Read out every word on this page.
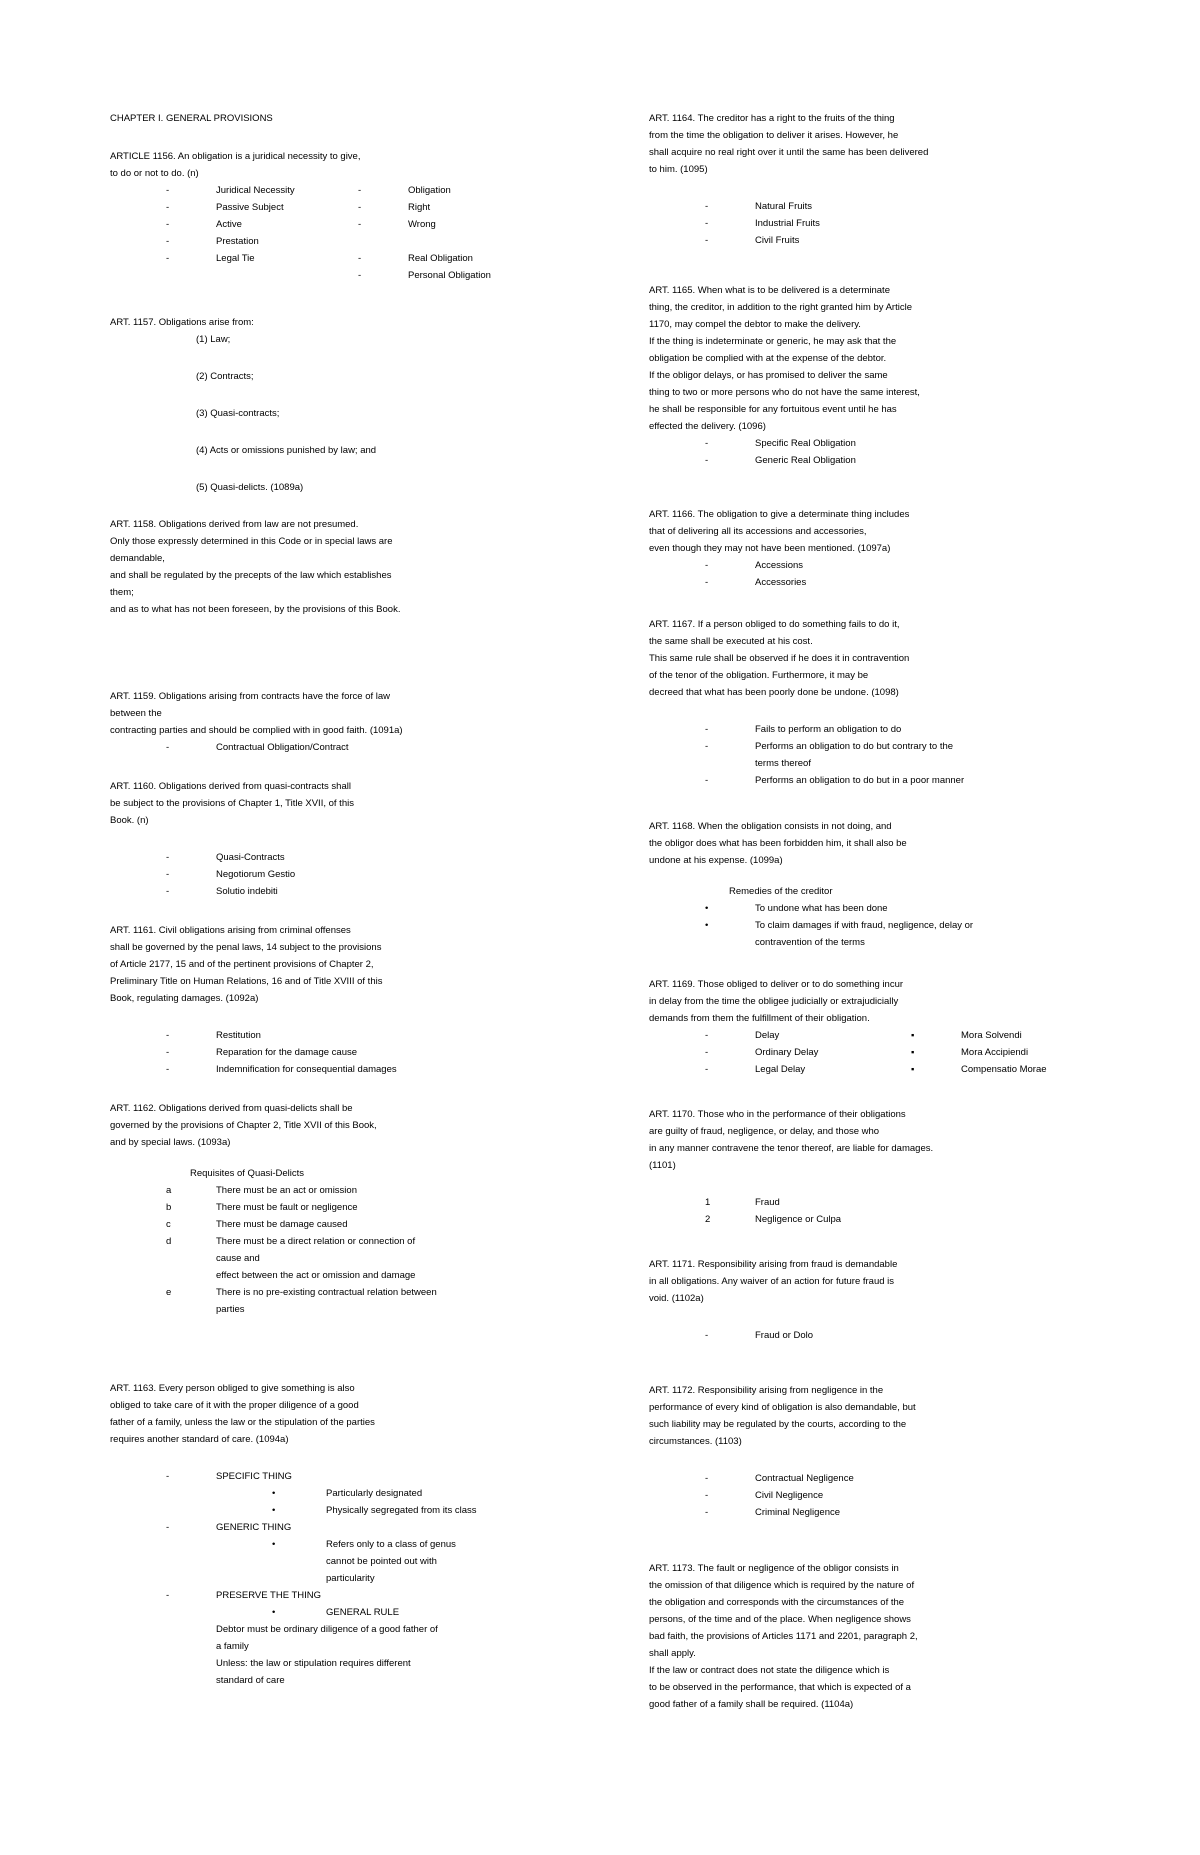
CHAPTER I. GENERAL PROVISIONS
ARTICLE 1156. An obligation is a juridical necessity to give,
to do or not to do. (n)
-	Juridical Necessity	-	Obligation
-	Passive Subject	-	Right
-	Active	-	Wrong
-	Prestation
-	Legal Tie	-	Real Obligation
-	Personal Obligation
ART. 1157. Obligations arise from:
(1) Law;
(2) Contracts;
(3) Quasi-contracts;
(4) Acts or omissions punished by law; and
(5) Quasi-delicts. (1089a)
ART. 1158. Obligations derived from law are not presumed.
Only those expressly determined in this Code or in special laws are
demandable,
and shall be regulated by the precepts of the law which establishes
them;
and as to what has not been foreseen, by the provisions of this Book.
ART. 1159. Obligations arising from contracts have the force of law
between the
contracting parties and should be complied with in good faith. (1091a)
-	Contractual Obligation/Contract
ART. 1160. Obligations derived from quasi-contracts shall
be subject to the provisions of Chapter 1, Title XVII, of this
Book. (n)
-	Quasi-Contracts
-	Negotiorum Gestio
-	Solutio indebiti
ART. 1161. Civil obligations arising from criminal offenses
shall be governed by the penal laws, 14 subject to the provisions
of Article 2177, 15 and of the pertinent provisions of Chapter 2,
Preliminary Title on Human Relations, 16 and of Title XVIII of this
Book, regulating damages. (1092a)
-	Restitution
-	Reparation for the damage cause
-	Indemnification for consequential damages
ART. 1162. Obligations derived from quasi-delicts shall be
governed by the provisions of Chapter 2, Title XVII of this Book,
and by special laws. (1093a)
Requisites of Quasi-Delicts
a	There must be an act or omission
b	There must be fault or negligence
c	There must be damage caused
d	There must be a direct relation or connection of
cause and
effect between the act or omission and damage
e	There is no pre-existing contractual relation between
parties
ART. 1163. Every person obliged to give something is also
obliged to take care of it with the proper diligence of a good
father of a family, unless the law or the stipulation of the parties
requires another standard of care. (1094a)
-	SPECIFIC THING
•	Particularly designated
•	Physically segregated from its class
-	GENERIC THING
•	Refers only to a class of genus
cannot be pointed out with
particularity
-	PRESERVE THE THING
•	GENERAL RULE
Debtor must be ordinary diligence of a good father of
a family
Unless: the law or stipulation requires different
standard of care
ART. 1164. The creditor has a right to the fruits of the thing
from the time the obligation to deliver it arises. However, he
shall acquire no real right over it until the same has been delivered
to him. (1095)
-	Natural Fruits
-	Industrial Fruits
-	Civil Fruits
ART. 1165. When what is to be delivered is a determinate
thing, the creditor, in addition to the right granted him by Article
1170, may compel the debtor to make the delivery.
If the thing is indeterminate or generic, he may ask that the
obligation be complied with at the expense of the debtor.
If the obligor delays, or has promised to deliver the same
thing to two or more persons who do not have the same interest,
he shall be responsible for any fortuitous event until he has
effected the delivery. (1096)
-	Specific Real Obligation
-	Generic Real Obligation
ART. 1166. The obligation to give a determinate thing includes
that of delivering all its accessions and accessories,
even though they may not have been mentioned. (1097a)
-	Accessions
-	Accessories
ART. 1167. If a person obliged to do something fails to do it,
the same shall be executed at his cost.
This same rule shall be observed if he does it in contravention
of the tenor of the obligation. Furthermore, it may be
decreed that what has been poorly done be undone. (1098)
-	Fails to perform an obligation to do
-	Performs an obligation to do but contrary to the
terms thereof
-	Performs an obligation to do but in a poor manner
ART. 1168. When the obligation consists in not doing, and
the obligor does what has been forbidden him, it shall also be
undone at his expense. (1099a)
Remedies of the creditor
•	To undone what has been done
•	To claim damages if with fraud, negligence, delay or
contravention of the terms
ART. 1169. Those obliged to deliver or to do something incur
in delay from the time the obligee judicially or extrajudicially
demands from them the fulfillment of their obligation.
-	Delay	▪	Mora Solvendi
-	Ordinary Delay	▪	Mora Accipiendi
-	Legal Delay	▪	Compensatio Morae
ART. 1170. Those who in the performance of their obligations
are guilty of fraud, negligence, or delay, and those who
in any manner contravene the tenor thereof, are liable for damages.
(1101)
1	Fraud
2	Negligence or Culpa
ART. 1171. Responsibility arising from fraud is demandable
in all obligations. Any waiver of an action for future fraud is
void. (1102a)
-	Fraud or Dolo
ART. 1172. Responsibility arising from negligence in the
performance of every kind of obligation is also demandable, but
such liability may be regulated by the courts, according to the
circumstances. (1103)
-	Contractual Negligence
-	Civil Negligence
-	Criminal Negligence
ART. 1173. The fault or negligence of the obligor consists in
the omission of that diligence which is required by the nature of
the obligation and corresponds with the circumstances of the
persons, of the time and of the place. When negligence shows
bad faith, the provisions of Articles 1171 and 2201, paragraph 2,
shall apply.
If the law or contract does not state the diligence which is
to be observed in the performance, that which is expected of a
good father of a family shall be required. (1104a)
